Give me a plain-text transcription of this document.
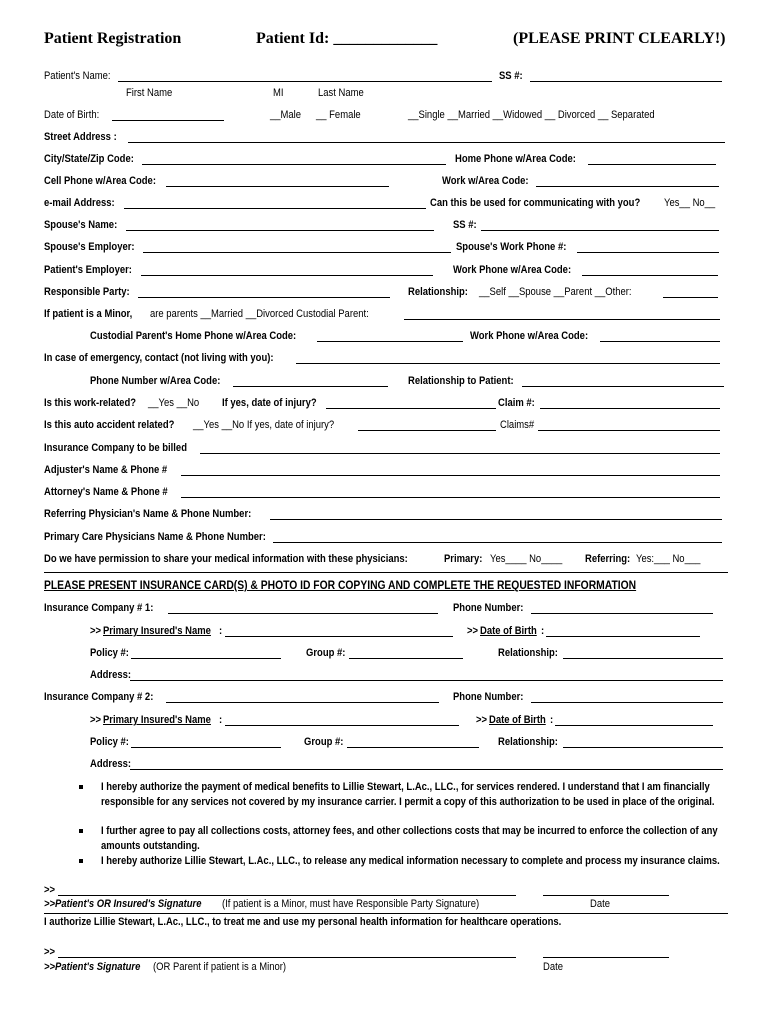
Patient Registration	Patient Id: _____________	(PLEASE PRINT CLEARLY!)
Patient's Name:	SS #:
First Name	MI	Last Name
Date of Birth:	__Male __ Female	__Single __Married __Widowed __ Divorced __ Separated
Street Address :
City/State/Zip Code:	Home Phone w/Area Code:
Cell Phone w/Area Code:	Work w/Area Code:
e-mail Address:	Can this be used for communicating with you? Yes__ No__
Spouse's Name:	SS #:
Spouse's Employer:	Spouse's Work Phone #:
Patient's Employer:	Work Phone w/Area Code:
Responsible Party:	Relationship: __Self __Spouse __Parent __Other:
If patient is a Minor, are parents __Married __Divorced Custodial Parent:
Custodial Parent's Home Phone w/Area Code:	Work Phone w/Area Code:
In case of emergency, contact (not living with you):
Phone Number w/Area Code:	Relationship to Patient:
Is this work-related? __Yes __No If yes, date of injury?	Claim #:
Is this auto accident related? __Yes __No If yes, date of injury?	Claims#
Insurance Company to be billed
Adjuster's Name & Phone #
Attorney's Name & Phone #
Referring Physician's Name & Phone Number:
Primary Care Physicians Name & Phone Number:
Do we have permission to share your medical information with these physicians:	Primary: Yes____ No____ Referring: Yes:___ No___
PLEASE PRESENT INSURANCE CARD(S) & PHOTO ID FOR COPYING AND COMPLETE THE REQUESTED INFORMATION
Insurance Company # 1:	Phone Number:
>> Primary Insured's Name :	>> Date of Birth :
Policy #:	Group #:	Relationship:
Address:
Insurance Company # 2:	Phone Number:
>> Primary Insured's Name :	>> Date of Birth :
Policy #:	Group #:	Relationship:
Address:
I hereby authorize the payment of medical benefits to Lillie Stewart, L.Ac., LLC., for services rendered. I understand that I am financially responsible for any services not covered by my insurance carrier. I permit a copy of this authorization to be used in place of the original.
I further agree to pay all collections costs, attorney fees, and other collections costs that may be incurred to enforce the collection of any amounts outstanding.
I hereby authorize Lillie Stewart, L.Ac., LLC., to release any medical information necessary to complete and process my insurance claims.
>>
>>Patient's OR Insured's Signature (If patient is a Minor, must have Responsible Party Signature)	Date
I authorize Lillie Stewart, L.Ac., LLC., to treat me and use my personal health information for healthcare operations.
>>
>>Patient's Signature (OR Parent if patient is a Minor)	Date
